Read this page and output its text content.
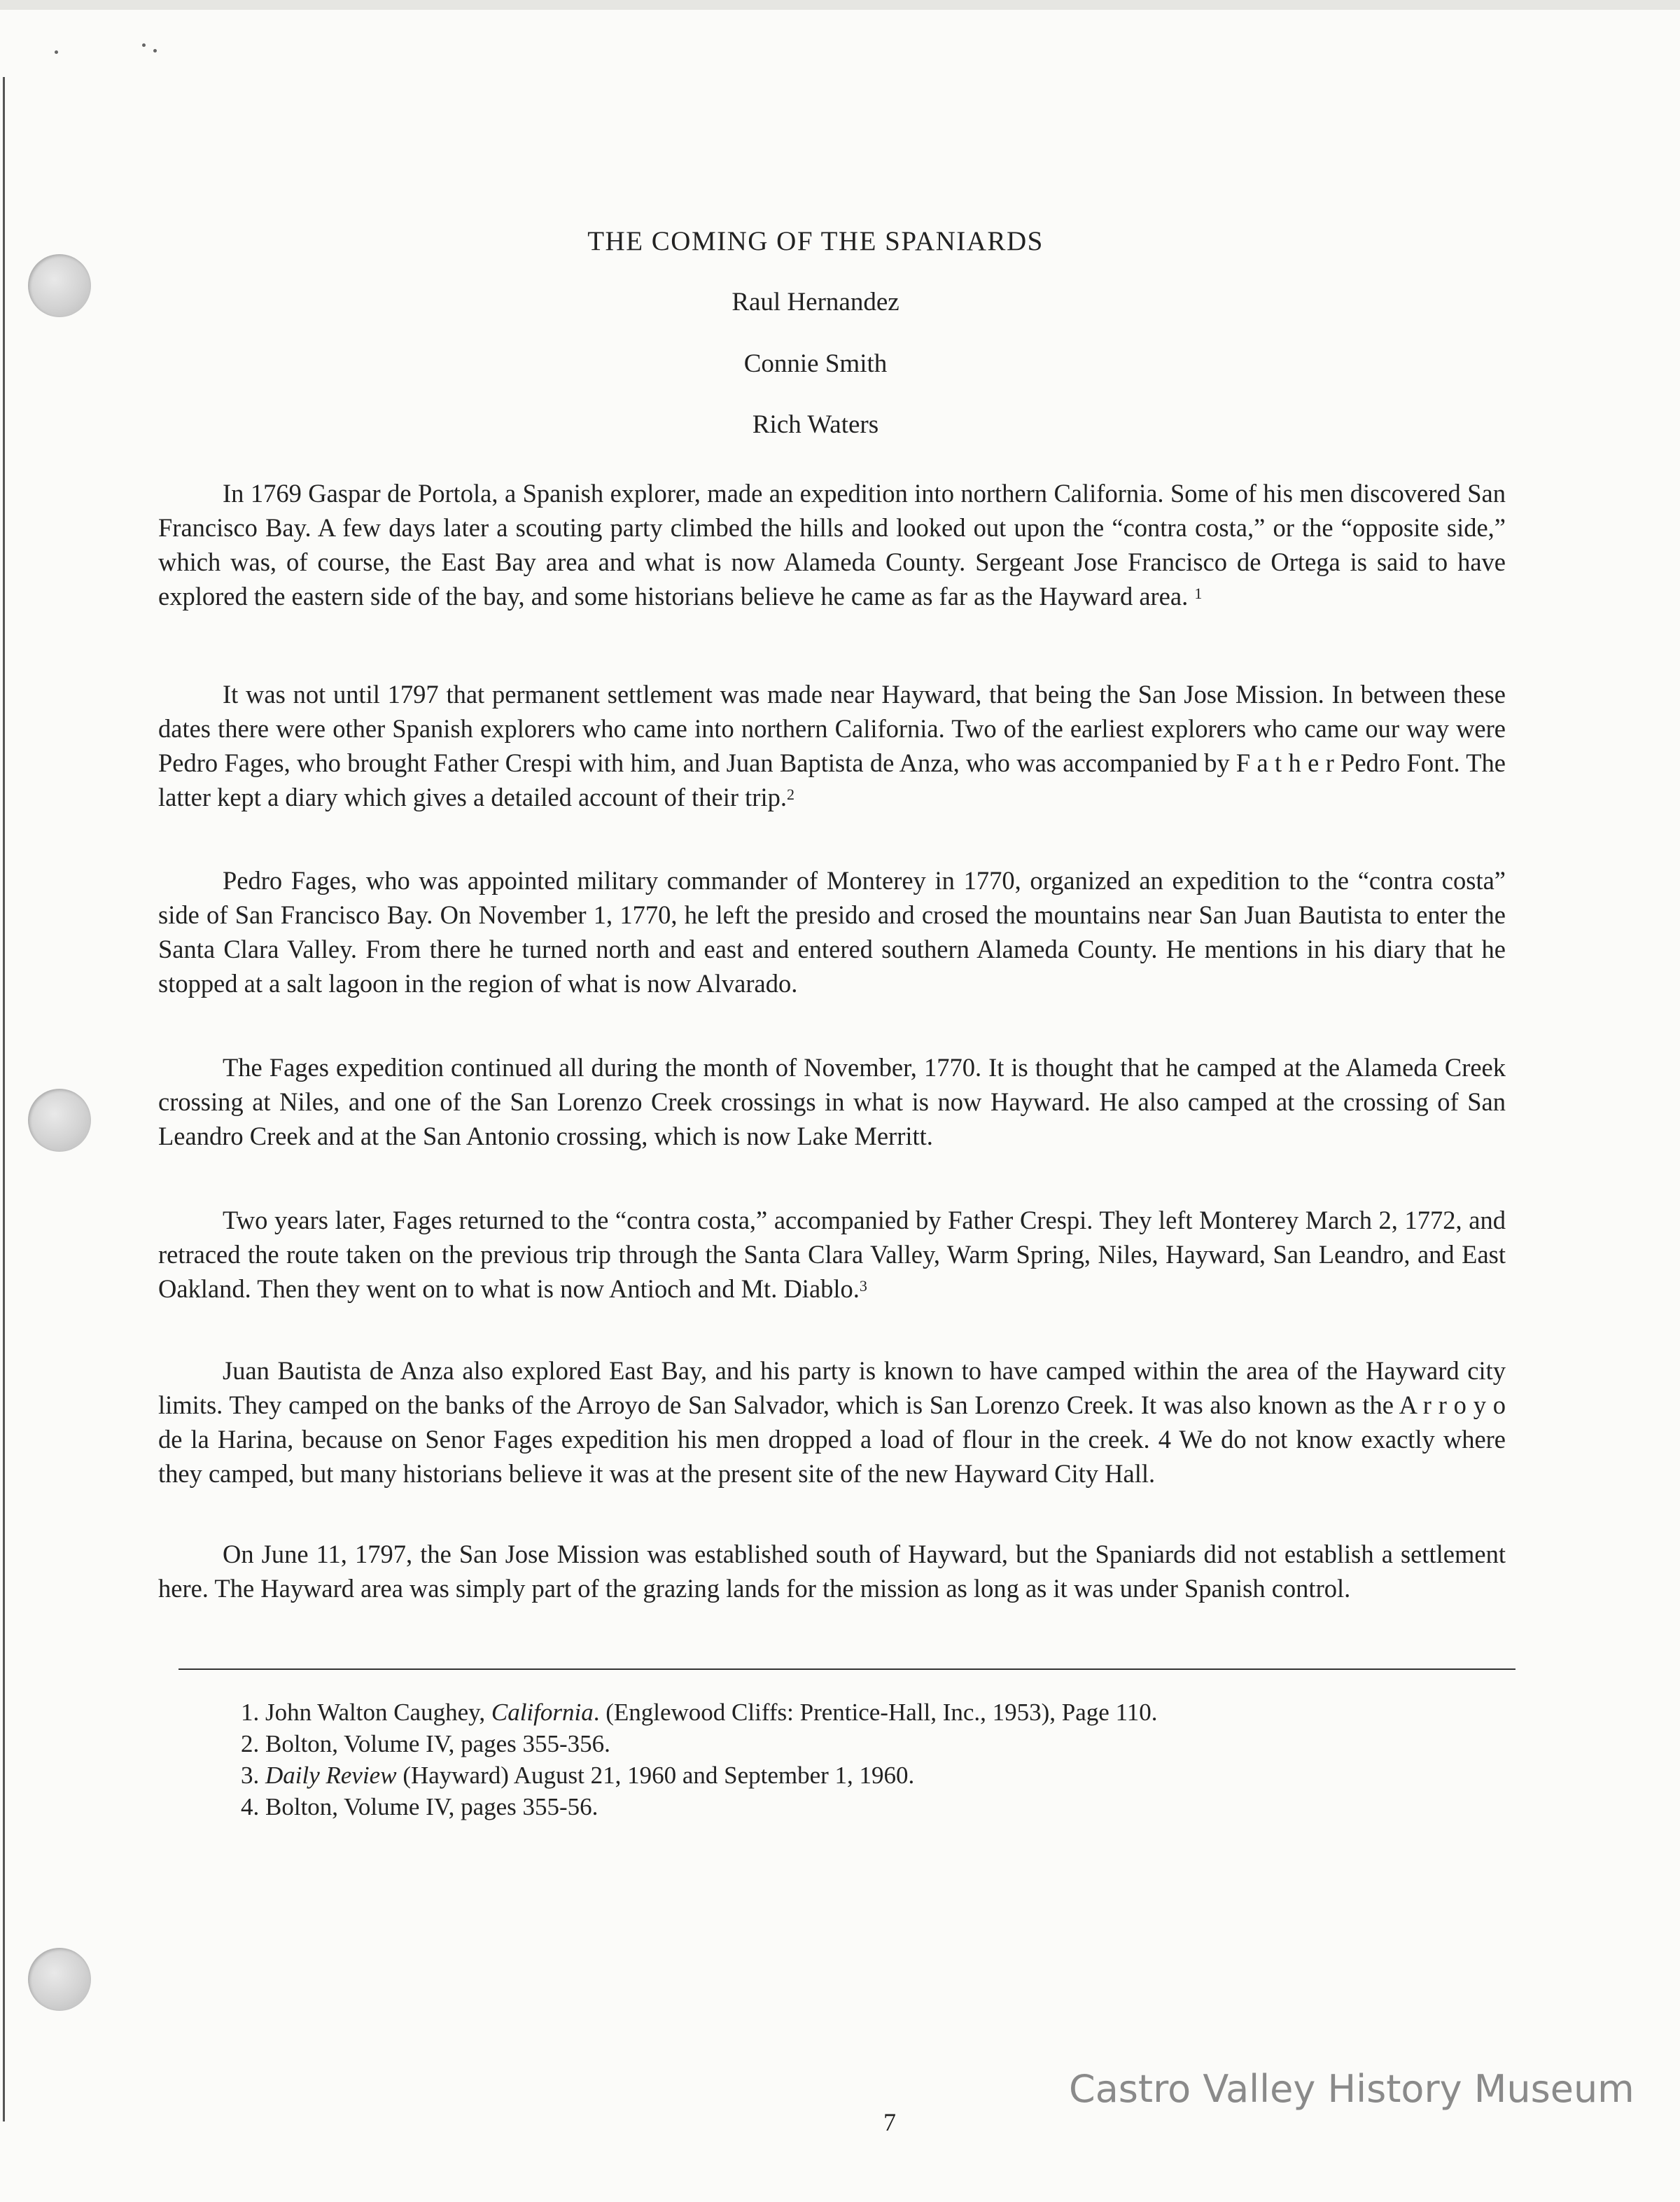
THE COMING OF THE SPANIARDS
Raul Hernandez
Connie Smith
Rich Waters

In 1769 Gaspar de Portola, a Spanish explorer, made an expedition into northern California. Some of his men discovered San Francisco Bay. A few days later a scouting party climbed the hills and looked out upon the “contra costa,” or the “opposite side,” which was, of course, the East Bay area and what is now Alameda County. Sergeant Jose Francisco de Ortega is said to have explored the eastern side of the bay, and some historians believe he came as far as the Hayward area. $^1$

It was not until 1797 that permanent settlement was made near Hayward, that being the San Jose Mission. In between these dates there were other Spanish explorers who came into northern California. Two of the earliest explorers who came our way were Pedro Fages, who brought Father Crespi with him, and Juan Baptista de Anza, who was accompanied by F a t h e r Pedro Font. The latter kept a diary which gives a detailed account of their trip.$^2$

Pedro Fages, who was appointed military commander of Monterey in 1770, organized an expedition to the “contra costa” side of San Francisco Bay. On November 1, 1770, he left the presido and crosed the mountains near San Juan Bautista to enter the Santa Clara Valley. From there he turned north and east and entered southern Alameda County. He mentions in his diary that he stopped at a salt lagoon in the region of what is now Alvarado.

The Fages expedition continued all during the month of November, 1770. It is thought that he camped at the Alameda Creek crossing at Niles, and one of the San Lorenzo Creek crossings in what is now Hayward. He also camped at the crossing of San Leandro Creek and at the San Antonio crossing, which is now Lake Merritt.

Two years later, Fages returned to the “contra costa,” accompanied by Father Crespi. They left Monterey March 2, 1772, and retraced the route taken on the previous trip through the Santa Clara Valley, Warm Spring, Niles, Hayward, San Leandro, and East Oakland. Then they went on to what is now Antioch and Mt. Diablo.$^3$

Juan Bautista de Anza also explored East Bay, and his party is known to have camped within the area of the Hayward city limits. They camped on the banks of the Arroyo de San Salvador, which is San Lorenzo Creek. It was also known as the A r r o y o de la Harina, because on Senor Fages expedition his men dropped a load of flour in the creek. 4 We do not know exactly where they camped, but many historians believe it was at the present site of the new Hayward City Hall.

On June 11, 1797, the San Jose Mission was established south of Hayward, but the Spaniards did not establish a settlement here. The Hayward area was simply part of the grazing lands for the mission as long as it was under Spanish control.

1. John Walton Caughey, California. (Englewood Cliffs: Prentice-Hall, Inc., 1953), Page 110.

2. Bolton, Volume IV, pages 355-356.

3. Daily Review (Hayward) August 21, 1960 and September 1, 1960.

4. Bolton, Volume IV, pages 355-56.

7
Castro Valley History Museum
